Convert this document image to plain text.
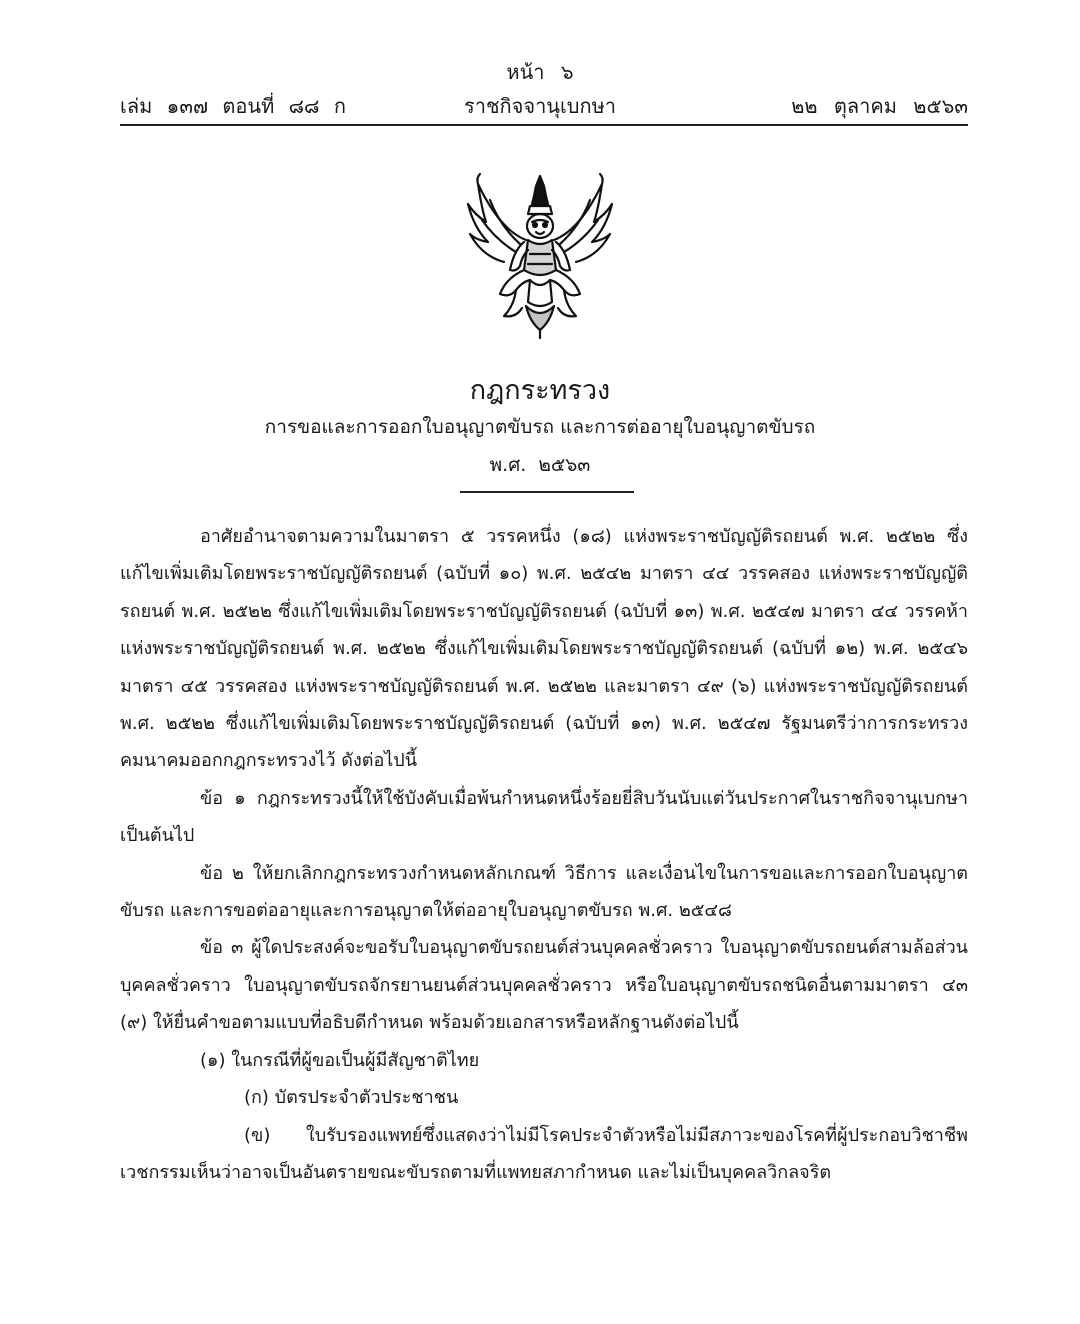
หน้า ๖
เล่ม ๑๓๗ ตอนที่ ๘๘ ก	ราชกิจจานุเบกษา	๒๒ ตุลาคม ๒๕๖๓
กฎกระทรวง
การขอและการออกใบอนุญาตขับรถ และการต่ออายุใบอนุญาตขับรถ
พ.ศ. ๒๕๖๓

อาศัยอำนาจตามความในมาตรา ๕ วรรคหนึ่ง (๑๘) แห่งพระราชบัญญัติรถยนต์ พ.ศ. ๒๕๒๒ ซึ่งแก้ไขเพิ่มเติมโดยพระราชบัญญัติรถยนต์ (ฉบับที่ ๑๐) พ.ศ. ๒๕๔๒ มาตรา ๔๔ วรรคสอง แห่งพระราชบัญญัติรถยนต์ พ.ศ. ๒๕๒๒ ซึ่งแก้ไขเพิ่มเติมโดยพระราชบัญญัติรถยนต์ (ฉบับที่ ๑๓) พ.ศ. ๒๕๔๗ มาตรา ๔๔ วรรคห้า แห่งพระราชบัญญัติรถยนต์ พ.ศ. ๒๕๒๒ ซึ่งแก้ไขเพิ่มเติมโดยพระราชบัญญัติรถยนต์ (ฉบับที่ ๑๒) พ.ศ. ๒๕๔๖ มาตรา ๔๕ วรรคสอง แห่งพระราชบัญญัติรถยนต์ พ.ศ. ๒๕๒๒ และมาตรา ๔๙ (๖) แห่งพระราชบัญญัติรถยนต์ พ.ศ. ๒๕๒๒ ซึ่งแก้ไขเพิ่มเติมโดยพระราชบัญญัติรถยนต์ (ฉบับที่ ๑๓) พ.ศ. ๒๕๔๗ รัฐมนตรีว่าการกระทรวงคมนาคมออกกฎกระทรวงไว้ ดังต่อไปนี้

ข้อ ๑ กฎกระทรวงนี้ให้ใช้บังคับเมื่อพ้นกำหนดหนึ่งร้อยยี่สิบวันนับแต่วันประกาศในราชกิจจานุเบกษาเป็นต้นไป

ข้อ ๒ ให้ยกเลิกกฎกระทรวงกำหนดหลักเกณฑ์ วิธีการ และเงื่อนไขในการขอและการออกใบอนุญาตขับรถ และการขอต่ออายุและการอนุญาตให้ต่ออายุใบอนุญาตขับรถ พ.ศ. ๒๕๔๘

ข้อ ๓ ผู้ใดประสงค์จะขอรับใบอนุญาตขับรถยนต์ส่วนบุคคลชั่วคราว ใบอนุญาตขับรถยนต์สามล้อส่วนบุคคลชั่วคราว ใบอนุญาตขับรถจักรยานยนต์ส่วนบุคคลชั่วคราว หรือใบอนุญาตขับรถชนิดอื่นตามมาตรา ๔๓ (๙) ให้ยื่นคำขอตามแบบที่อธิบดีกำหนด พร้อมด้วยเอกสารหรือหลักฐานดังต่อไปนี้

(๑) ในกรณีที่ผู้ขอเป็นผู้มีสัญชาติไทย

(ก) บัตรประจำตัวประชาชน

(ข) ใบรับรองแพทย์ซึ่งแสดงว่าไม่มีโรคประจำตัวหรือไม่มีสภาวะของโรคที่ผู้ประกอบวิชาชีพเวชกรรมเห็นว่าอาจเป็นอันตรายขณะขับรถตามที่แพทยสภากำหนด และไม่เป็นบุคคลวิกลจริต
